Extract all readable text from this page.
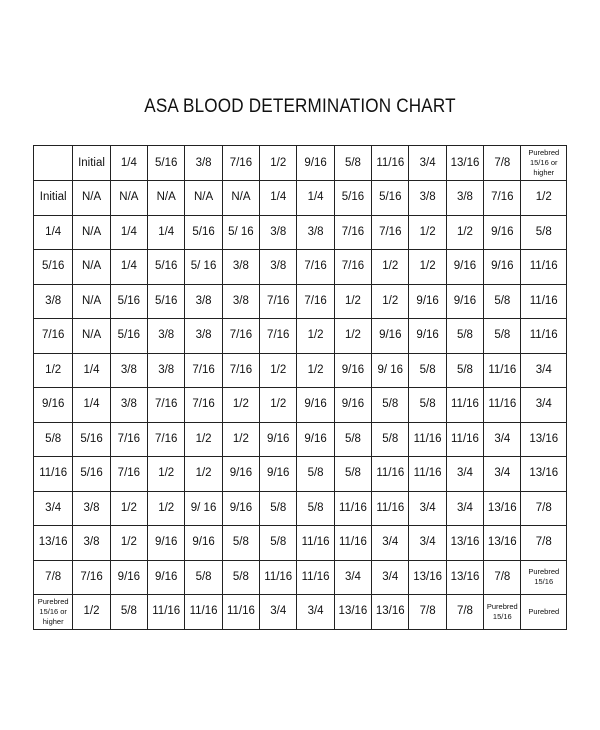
ASA BLOOD DETERMINATION CHART
	Initial	1/4	5/16	3/8	7/16	1/2	9/16	5/8	11/16	3/4	13/16	7/8	Purebred 15/16 or higher
Initial	N/A	N/A	N/A	N/A	N/A	1/4	1/4	5/16	5/16	3/8	3/8	7/16	1/2
1/4	N/A	1/4	1/4	5/16	5/ 16	3/8	3/8	7/16	7/16	1/2	1/2	9/16	5/8
5/16	N/A	1/4	5/16	5/ 16	3/8	3/8	7/16	7/16	1/2	1/2	9/16	9/16	11/16
3/8	N/A	5/16	5/16	3/8	3/8	7/16	7/16	1/2	1/2	9/16	9/16	5/8	11/16
7/16	N/A	5/16	3/8	3/8	7/16	7/16	1/2	1/2	9/16	9/16	5/8	5/8	11/16
1/2	1/4	3/8	3/8	7/16	7/16	1/2	1/2	9/16	9/ 16	5/8	5/8	11/16	3/4
9/16	1/4	3/8	7/16	7/16	1/2	1/2	9/16	9/16	5/8	5/8	11/16	11/16	3/4
5/8	5/16	7/16	7/16	1/2	1/2	9/16	9/16	5/8	5/8	11/16	11/16	3/4	13/16
11/16	5/16	7/16	1/2	1/2	9/16	9/16	5/8	5/8	11/16	11/16	3/4	3/4	13/16
3/4	3/8	1/2	1/2	9/ 16	9/16	5/8	5/8	11/16	11/16	3/4	3/4	13/16	7/8
13/16	3/8	1/2	9/16	9/16	5/8	5/8	11/16	11/16	3/4	3/4	13/16	13/16	7/8
7/8	7/16	9/16	9/16	5/8	5/8	11/16	11/16	3/4	3/4	13/16	13/16	7/8	Purebred 15/16
Purebred 15/16 or higher	1/2	5/8	11/16	11/16	11/16	3/4	3/4	13/16	13/16	7/8	7/8	Purebred 15/16	Purebred
